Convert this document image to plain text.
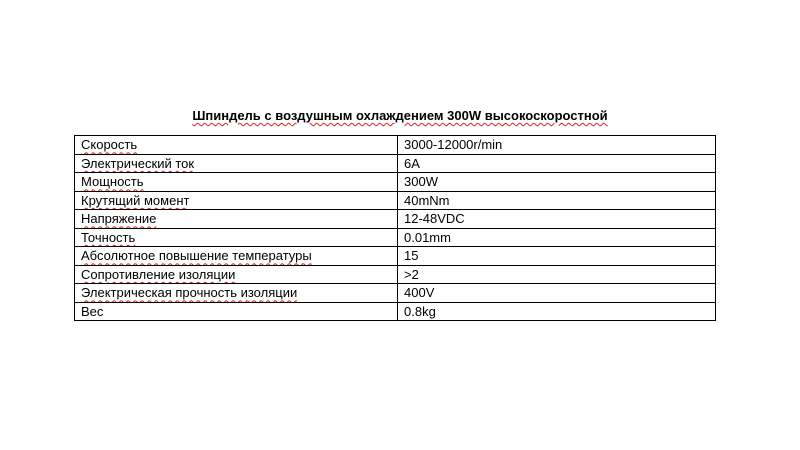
Шпиндель с воздушным охлаждением 300W высокоскоростной
Скорость	3000-12000r/min
Электрический ток	6A
Мощность	300W
Крутящий момент	40mNm
Напряжение	12-48VDC
Точность	0.01mm
Абсолютное повышение температуры	15
Сопротивление изоляции	>2
Электрическая прочность изоляции	400V
Вес	0.8kg
